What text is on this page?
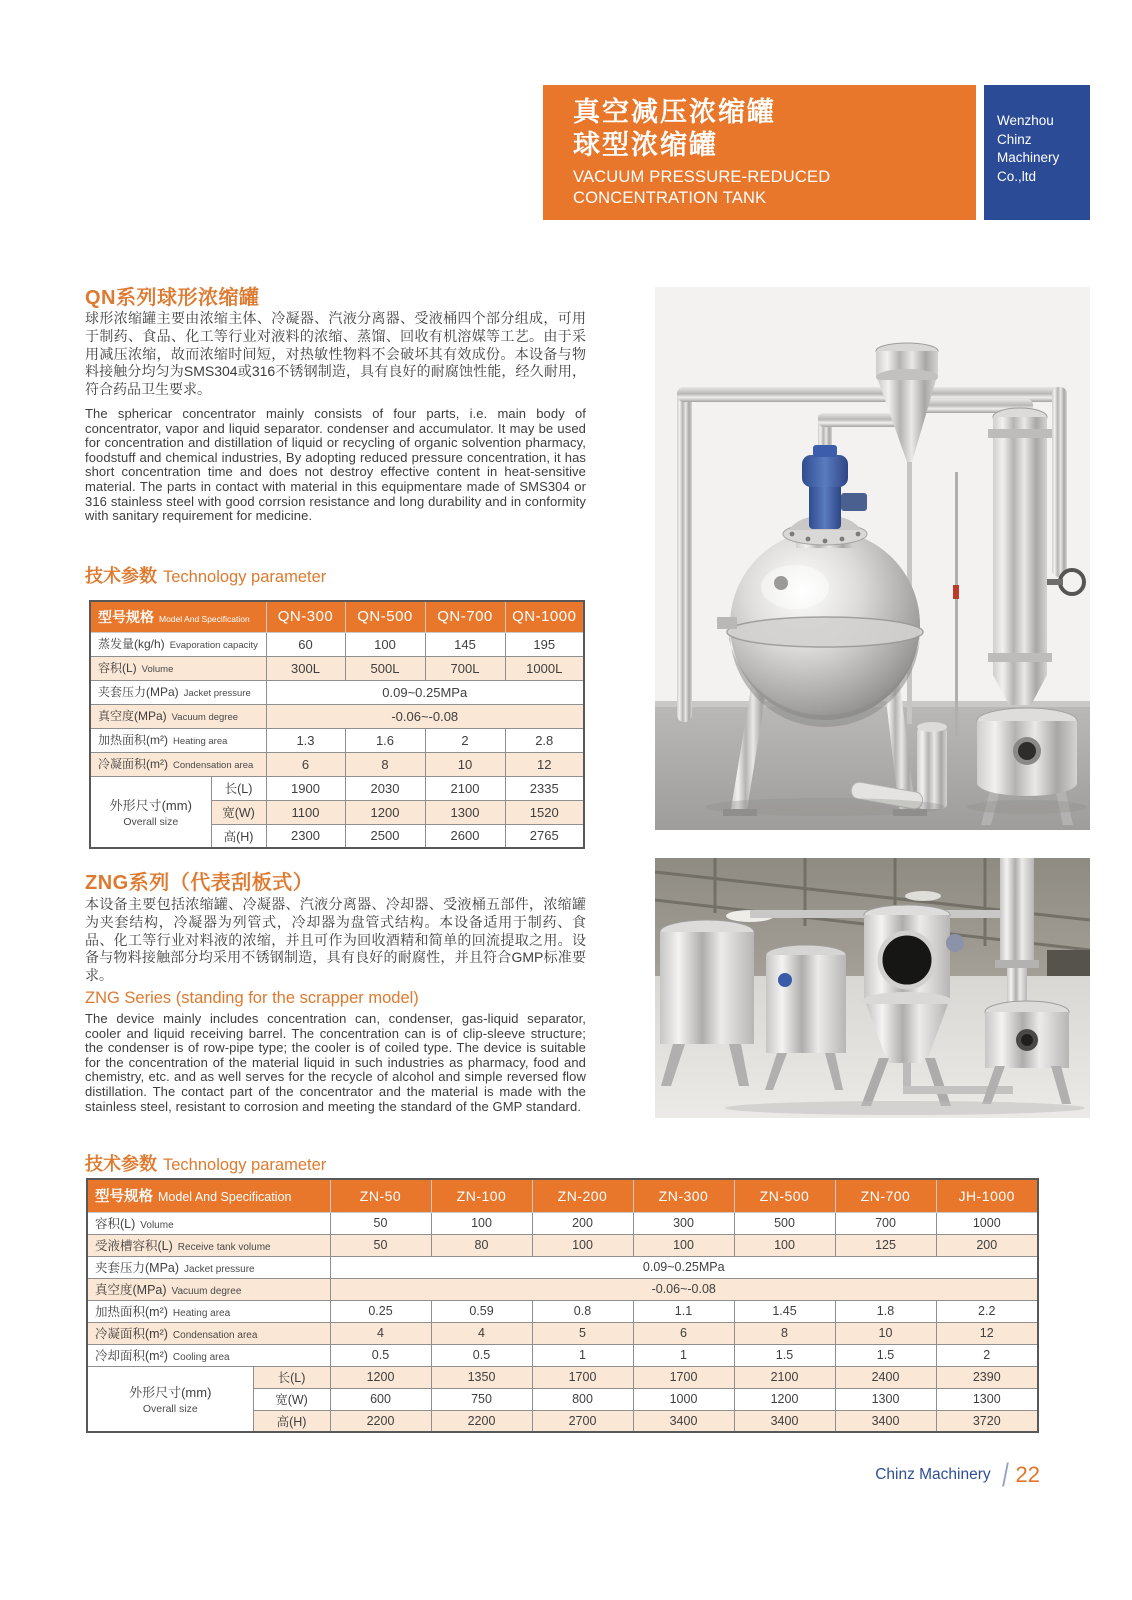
真空减压浓缩罐
球型浓缩罐
VACUUM PRESSURE-REDUCED
CONCENTRATION TANK
Wenzhou
Chinz
Machinery
Co.,ltd
QN系列球形浓缩罐
球形浓缩罐主要由浓缩主体、冷凝器、汽液分离器、受液桶四个部分组成，可用于制药、食品、化工等行业对液料的浓缩、蒸馏、回收有机溶媒等工艺。由于采用减压浓缩，故而浓缩时间短，对热敏性物料不会破坏其有效成份。本设备与物料接触分均匀为SMS304或316不锈钢制造，具有良好的耐腐蚀性能，经久耐用，符合药品卫生要求。
The sphericar concentrator mainly consists of four parts, i.e. main body of concentrator, vapor and liquid separator. condenser and accumulator. It may be used for concentration and distillation of liquid or recycling of organic solvention pharmacy, foodstuff and chemical industries, By adopting reduced pressure concentration, it has short concentration time and does not destroy effective content in heat-sensitive material. The parts in contact with material in this equipmentare made of SMS304 or 316 stainless steel with good corrsion resistance and long durability and in conformity with sanitary requirement for medicine.
技术参数 Technology parameter
型号规格 Model And Specification		QN-300	QN-500	QN-700	QN-1000
蒸发量(kg/h) Evaporation capacity		60	100	145	195
容积(L) Volume		300L	500L	700L	1000L
夹套压力(MPa) Jacket pressure		0.09~0.25MPa			
真空度(MPa) Vacuum degree		-0.06~-0.08			
加热面积(m²) Heating area		1.3	1.6	2	2.8
冷凝面积(m²) Condensation area		6	8	10	12

外形尺寸(mm)
Overall size	长(L)	1900	2030	2100	2335
	宽(W)	1100	1200	1300	1520
	高(H)	2300	2500	2600	2765
ZNG系列（代表刮板式）
本设备主要包括浓缩罐、冷凝器、汽液分离器、冷却器、受液桶五部件，浓缩罐为夹套结构，冷凝器为列管式，冷却器为盘管式结构。本设备适用于制药、食品、化工等行业对料液的浓缩，并且可作为回收酒精和简单的回流提取之用。设备与物料接触部分均采用不锈钢制造，具有良好的耐腐性，并且符合GMP标准要求。
ZNG Series (standing for the scrapper model)
The device mainly includes concentration can, condenser, gas-liquid separator, cooler and liquid receiving barrel. The concentration can is of clip-sleeve structure; the condenser is of row-pipe type; the cooler is of coiled type. The device is suitable for the concentration of the material liquid in such industries as pharmacy, food and chemistry, etc. and as well serves for the recycle of alcohol and simple reversed flow distillation. The contact part of the concentrator and the material is made with the stainless steel, resistant to corrosion and meeting the standard of the GMP standard.
技术参数 Technology parameter
型号规格 Model And Specification		ZN-50	ZN-100	ZN-200	ZN-300	ZN-500	ZN-700	JH-1000
容积(L) Volume		50	100	200	300	500	700	1000
受液槽容积(L) Receive tank volume		50	80	100	100	100	125	200
夹套压力(MPa) Jacket pressure		0.09~0.25MPa						
真空度(MPa) Vacuum degree		-0.06~-0.08						
加热面积(m²) Heating area		0.25	0.59	0.8	1.1	1.45	1.8	2.2
冷凝面积(m²) Condensation area		4	4	5	6	8	10	12
冷却面积(m²) Cooling area		0.5	0.5	1	1	1.5	1.5	2

外形尺寸(mm)
Overall size	长(L)	1200	1350	1700	1700	2100	2400	2390
	宽(W)	600	750	800	1000	1200	1300	1300
	高(H)	2200	2200	2700	3400	3400	3400	3720
Chinz Machinery / 22
